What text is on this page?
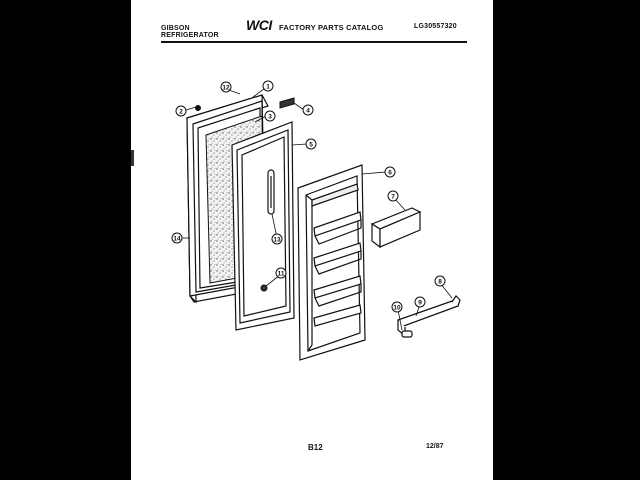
GIBSON
REFRIGERATOR
WCI FACTORY PARTS CATALOG	LG30557320
B12	12/87
1
2
3
4
5
6
7
8
9
10
11
12
13
14
